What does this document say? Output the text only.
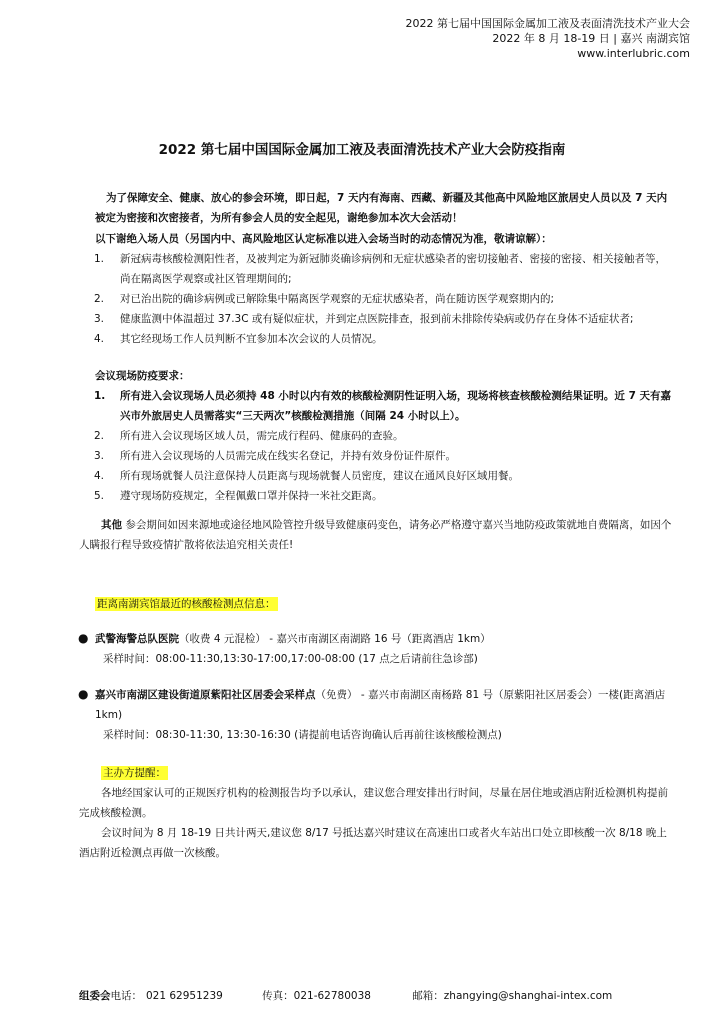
2022 第七届中国国际金属加工液及表面清洗技术产业大会
2022 年 8 月 18-19 日 | 嘉兴 南湖宾馆
www.interlubric.com
2022 第七届中国国际金属加工液及表面清洗技术产业大会防疫指南

为了保障安全、健康、放心的参会环境，即日起，7 天内有海南、西藏、新疆及其他高中风险地区旅居史人员以及 7 天内被定为密接和次密接者，为所有参会人员的安全起见，谢绝参加本次大会活动！

以下谢绝入场人员（另国内中、高风险地区认定标准以进入会场当时的动态情况为准，敬请谅解）：
1. 新冠病毒核酸检测阳性者，及被判定为新冠肺炎确诊病例和无症状感染者的密切接触者、密接的密接、相关接触者等，尚在隔离医学观察或社区管理期间的;
2. 对已治出院的确诊病例或已解除集中隔离医学观察的无症状感染者，尚在随访医学观察期内的;
3. 健康监测中体温超过 37.3C 或有疑似症状，并到定点医院排查，报到前未排除传染病或仍存在身体不适症状者;
4. 其它经现场工作人员判断不宜参加本次会议的人员情况。
会议现场防疫要求：
1. 所有进入会议现场人员必须持 48 小时以内有效的核酸检测阴性证明入场，现场将核查核酸检测结果证明。近 7 天有嘉兴市外旅居史人员需落实“三天两次”核酸检测措施（间隔 24 小时以上）。
2. 所有进入会议现场区域人员，需完成行程码、健康码的查验。
3. 所有进入会议现场的人员需完成在线实名登记，并持有效身份证件原件。
4. 所有现场就餐人员注意保持人员距离与现场就餐人员密度，建议在通风良好区域用餐。
5. 遵守现场防疫规定，全程佩戴口罩并保持一米社交距离。

其他 参会期间如因来源地或途径地风险管控升级导致健康码变色，请务必严格遵守嘉兴当地防疫政策就地自费隔离，如因个人瞒报行程导致疫情扩散将依法追究相关责任!

距离南湖宾馆最近的核酸检测点信息：
● 武警海警总队医院（收费 4 元混检） - 嘉兴市南湖区南湖路 16 号（距离酒店 1km）
采样时间：08:00-11:30,13:30-17:00,17:00-08:00 (17 点之后请前往急诊部)
● 嘉兴市南湖区建设街道原紫阳社区居委会采样点（免费） - 嘉兴市南湖区南杨路 81 号（原紫阳社区居委会）一楼(距离酒店 1km)
采样时间：08:30-11:30, 13:30-16:30 (请提前电话咨询确认后再前往该核酸检测点)
主办方提醒：

各地经国家认可的正规医疗机构的检测报告均予以承认，建议您合理安排出行时间，尽量在居住地或酒店附近检测机构提前完成核酸检测。

会议时间为 8 月 18-19 日共计两天,建议您 8/17 号抵达嘉兴时建议在高速出口或者火车站出口处立即核酸一次 8/18 晚上酒店附近检测点再做一次核酸。

组委会电话： 021 62951239	传真：021-62780038	邮箱：zhangying@shanghai-intex.com
